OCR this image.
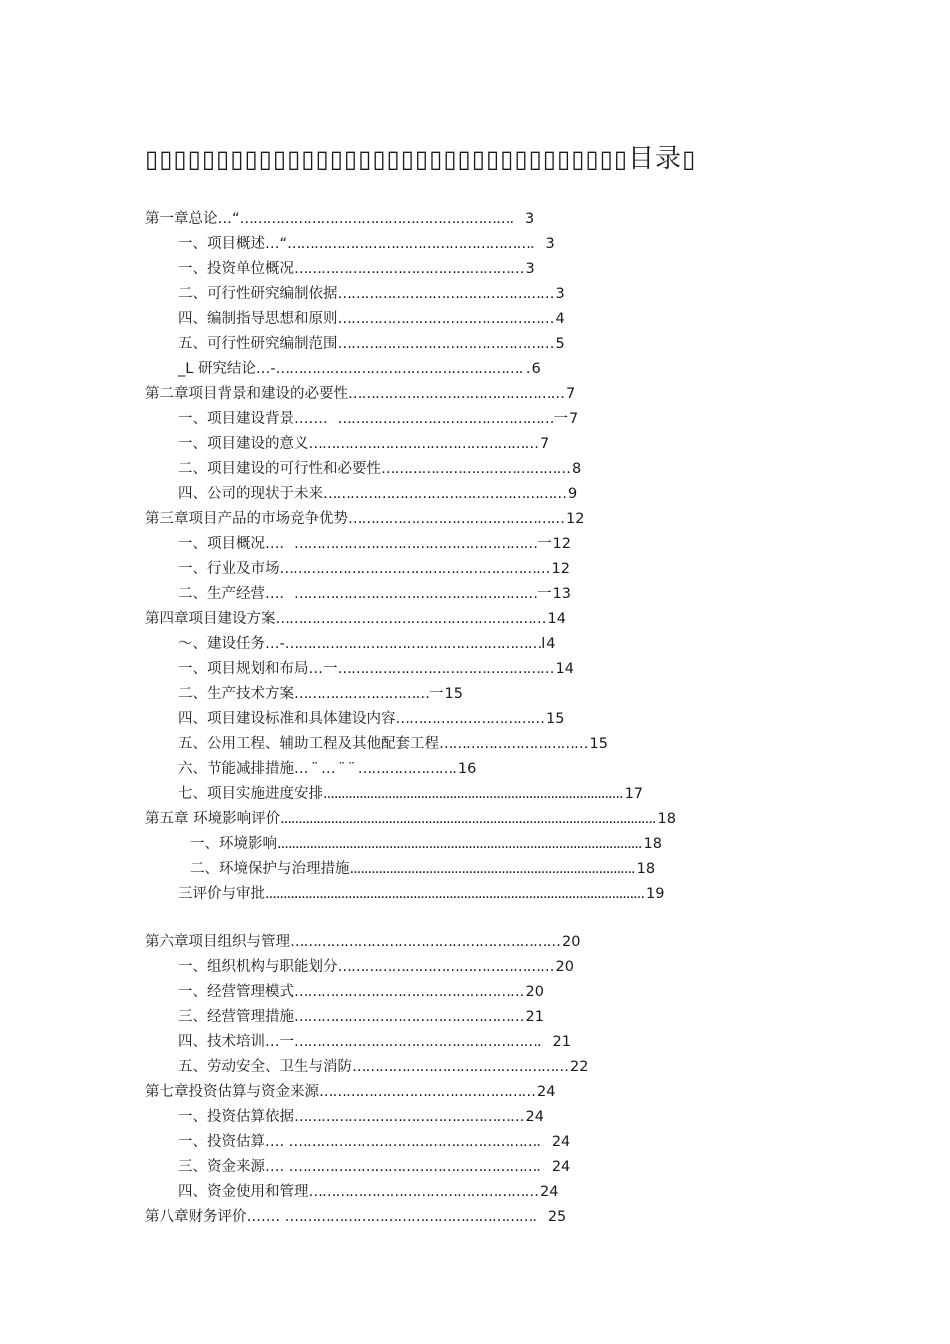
▯▯▯▯▯▯▯▯▯▯▯▯▯▯▯▯▯▯▯▯▯▯▯▯▯▯▯▯▯▯▯▯▯▯目录▯
第一章总论…“……………………………………………………． 3
一、项目概述…“………………………………………………． 3
一、投资单位概况…………………………………………… 3
二、可行性研究编制依据………………………………………… 3
四、编制指导思想和原则………………………………………… 4
五、可行性研究编制范围………………………………………… 5
_L 研究结论…-………………………………………………. . 6
第二章项目背景和建设的必要性………………………………………… 7
一、项目建设背景……．…………………………………………一 7
一、项目建设的意义…………………………………………… 7
二、项目建设的可行性和必要性…………………………………… 8
四、公司的现状于未来……………………………………………… 9
第三章项目产品的市场竞争优势………………………………………… 12
一、项目概况…．………………………………………………一 12
一、行业及市场…………………………………………………… 12
二、生产经营…．………………………………………………一 13
第四章项目建设方案…………………………………………………… 14
～、建设任务…-…………………………………………………l 4
一、项目规划和布局…一………………………………………… 14
二、生产技术方案…………………………一 15
四、项目建设标准和具体建设内容…………………………… 15
五、公用工程、辅助工程及其他配套工程…………………………… 15
六、节能减排措施… ¨ … ¨ ¨ …………………. 16
七、项目实施进度安排................................................................................... 17
第五章 环境影响评价........................................................................................................ 18
一、环境影响..................................................................................................... 18
二、环境保护与治理措施............................................................................... 18
三评价与审批......................................................................................................... 19
第六章项目组织与管理…………………………………………………… 20
一、组织机构与职能划分………………………………………… 20
一、经营管理模式…………………………………………… 20
三、经营管理措施…………………………………………… 21
四、技术培训…一………………………………………………． 21
五、劳动安全、卫生与消防………………………………………… 22
第七章投资估算与资金来源………………………………………… 24
一、投资估算依据…………………………………………… 24
一、投资估算…. .………………………………………………． 24
三、资金来源…. .………………………………………………． 24
四、资金使用和管理…………………………………………… 24
第八章财务评价……. .………………………………………………． 25
